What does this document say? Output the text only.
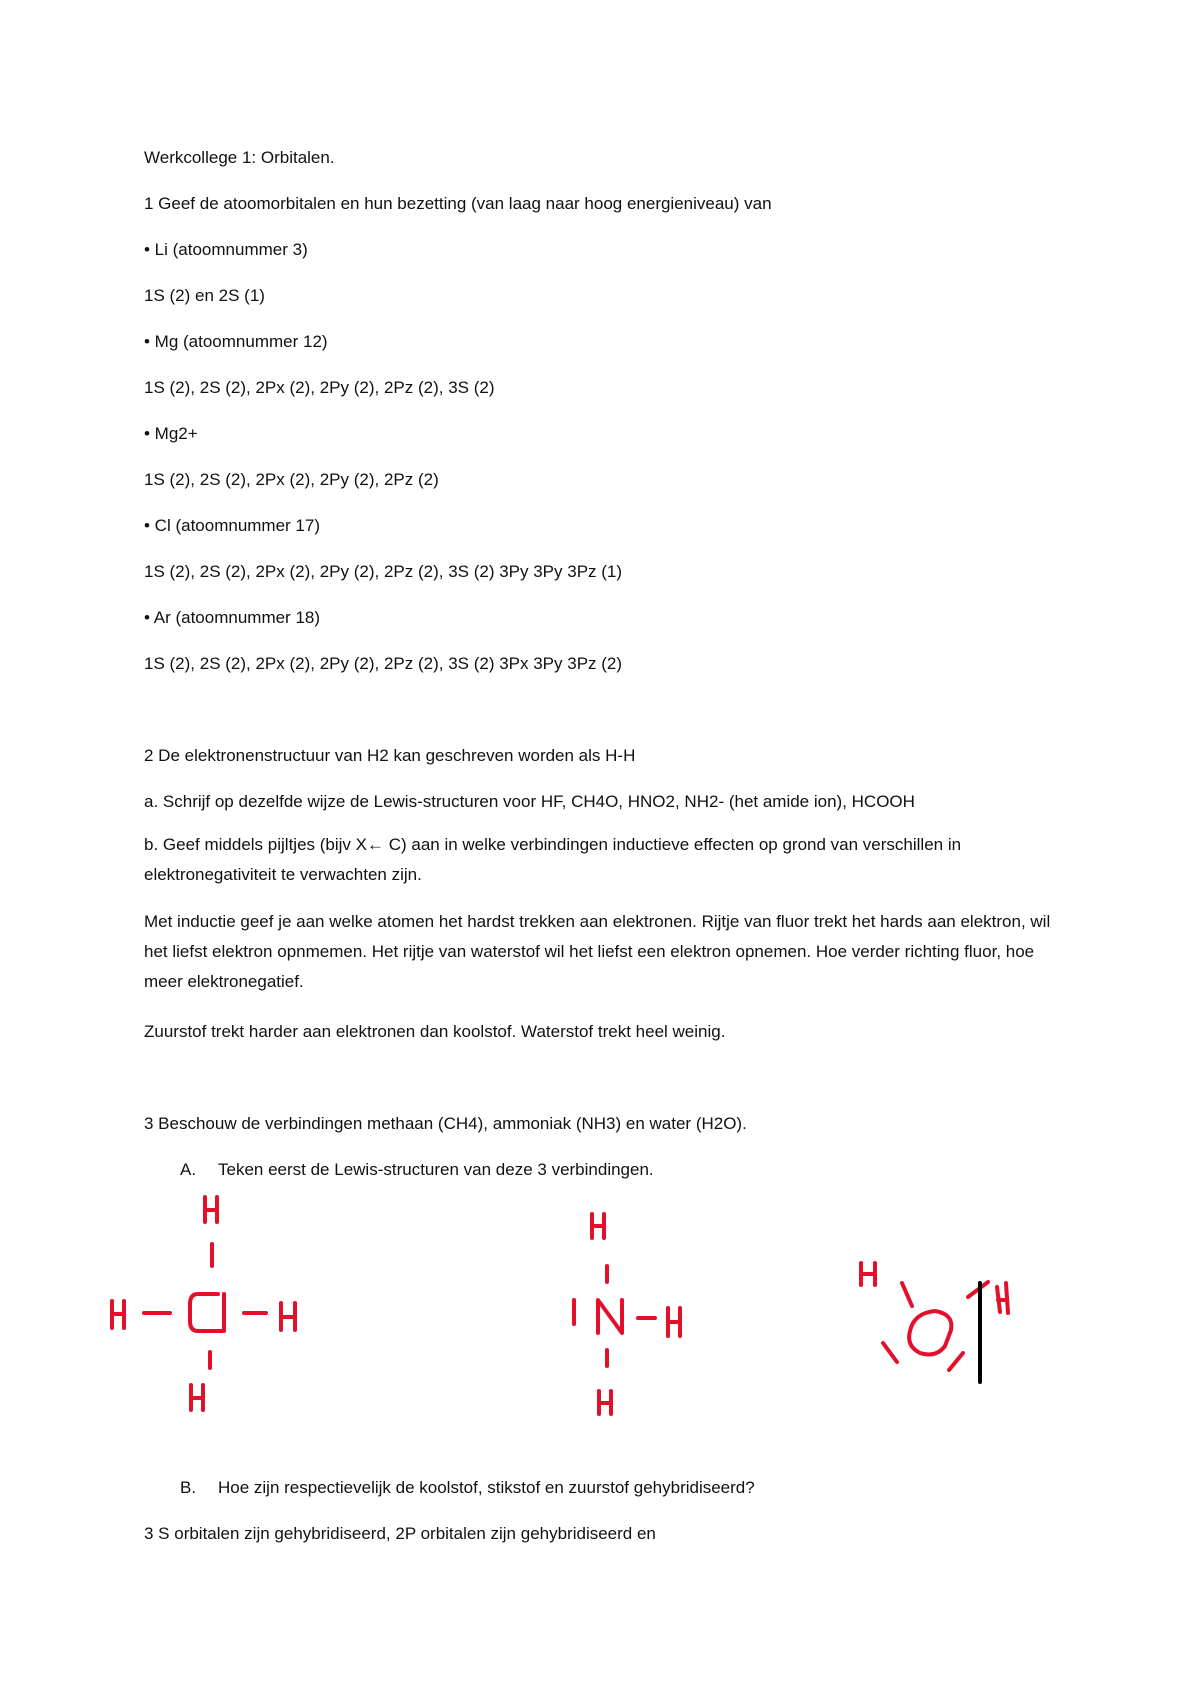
Werkcollege 1: Orbitalen.
1 Geef de atoomorbitalen en hun bezetting (van laag naar hoog energieniveau) van
• Li (atoomnummer 3)
1S (2) en 2S (1)
• Mg (atoomnummer 12)
1S (2), 2S (2), 2Px (2), 2Py (2), 2Pz (2), 3S (2)
• Mg2+
1S (2), 2S (2), 2Px (2), 2Py (2), 2Pz (2)
• Cl (atoomnummer 17)
1S (2), 2S (2), 2Px (2), 2Py (2), 2Pz (2), 3S (2) 3Py 3Py 3Pz (1)
• Ar (atoomnummer 18)
1S (2), 2S (2), 2Px (2), 2Py (2), 2Pz (2), 3S (2) 3Px 3Py 3Pz (2)
2 De elektronenstructuur van H2 kan geschreven worden als H-H
a. Schrijf op dezelfde wijze de Lewis-structuren voor HF, CH4O, HNO2, NH2- (het amide ion), HCOOH
b. Geef middels pijltjes (bijv X← C) aan in welke verbindingen inductieve effecten op grond van verschillen in elektronegativiteit te verwachten zijn.
Met inductie geef je aan welke atomen het hardst trekken aan elektronen. Rijtje van fluor trekt het hards aan elektron, wil het liefst elektron opnmemen. Het rijtje van waterstof wil het liefst een elektron opnemen. Hoe verder richting fluor, hoe meer elektronegatief.
Zuurstof trekt harder aan elektronen dan koolstof. Waterstof trekt heel weinig.
3 Beschouw de verbindingen methaan (CH4), ammoniak (NH3) en water (H2O).
A. Teken eerst de Lewis-structuren van deze 3 verbindingen.
B. Hoe zijn respectievelijk de koolstof, stikstof en zuurstof gehybridiseerd?
3 S orbitalen zijn gehybridiseerd, 2P orbitalen zijn gehybridiseerd en
